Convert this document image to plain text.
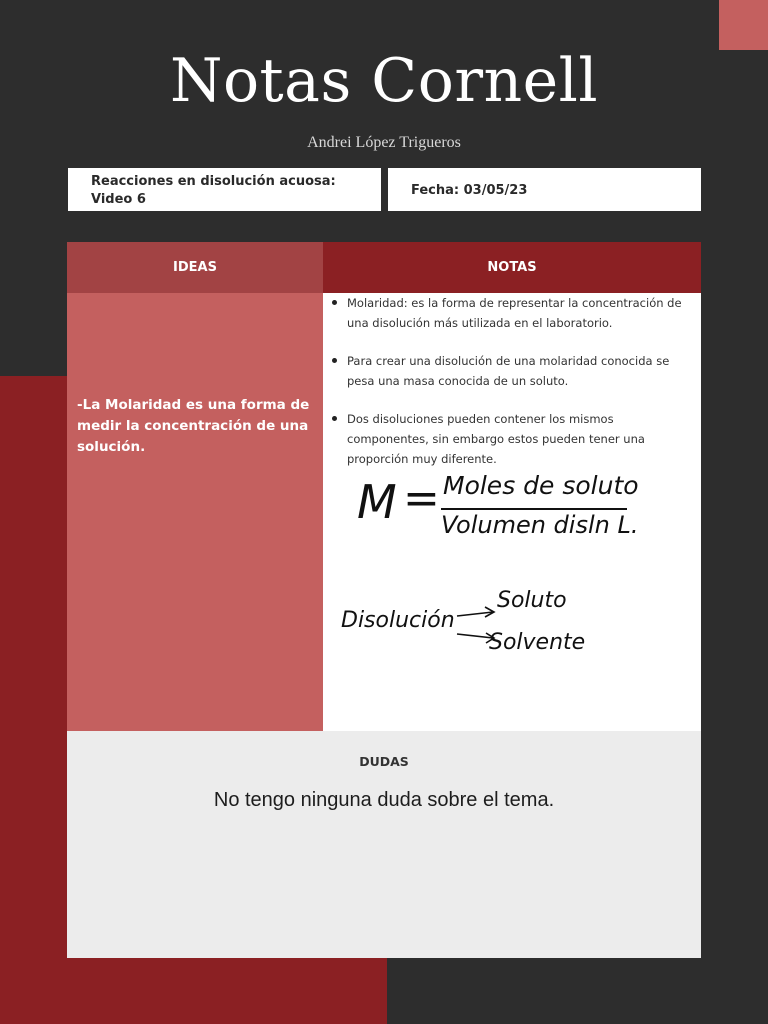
Notas Cornell
Andrei López Trigueros
Reacciones en disolución acuosa:
Video 6
Fecha: 03/05/23
IDEAS	NOTAS
-La Molaridad es una forma de
medir la concentración de una
solución.
Molaridad: es la forma de representar la concentración de una disolución más utilizada en el laboratorio.
Para crear una disolución de una molaridad conocida se pesa una masa conocida de un soluto.
Dos disoluciones pueden contener los mismos componentes, sin embargo estos pueden tener una proporción muy diferente.
M = Moles de soluto
Volumen disln L.
Disolución
Soluto
Solvente
DUDAS
No tengo ninguna duda sobre el tema.
